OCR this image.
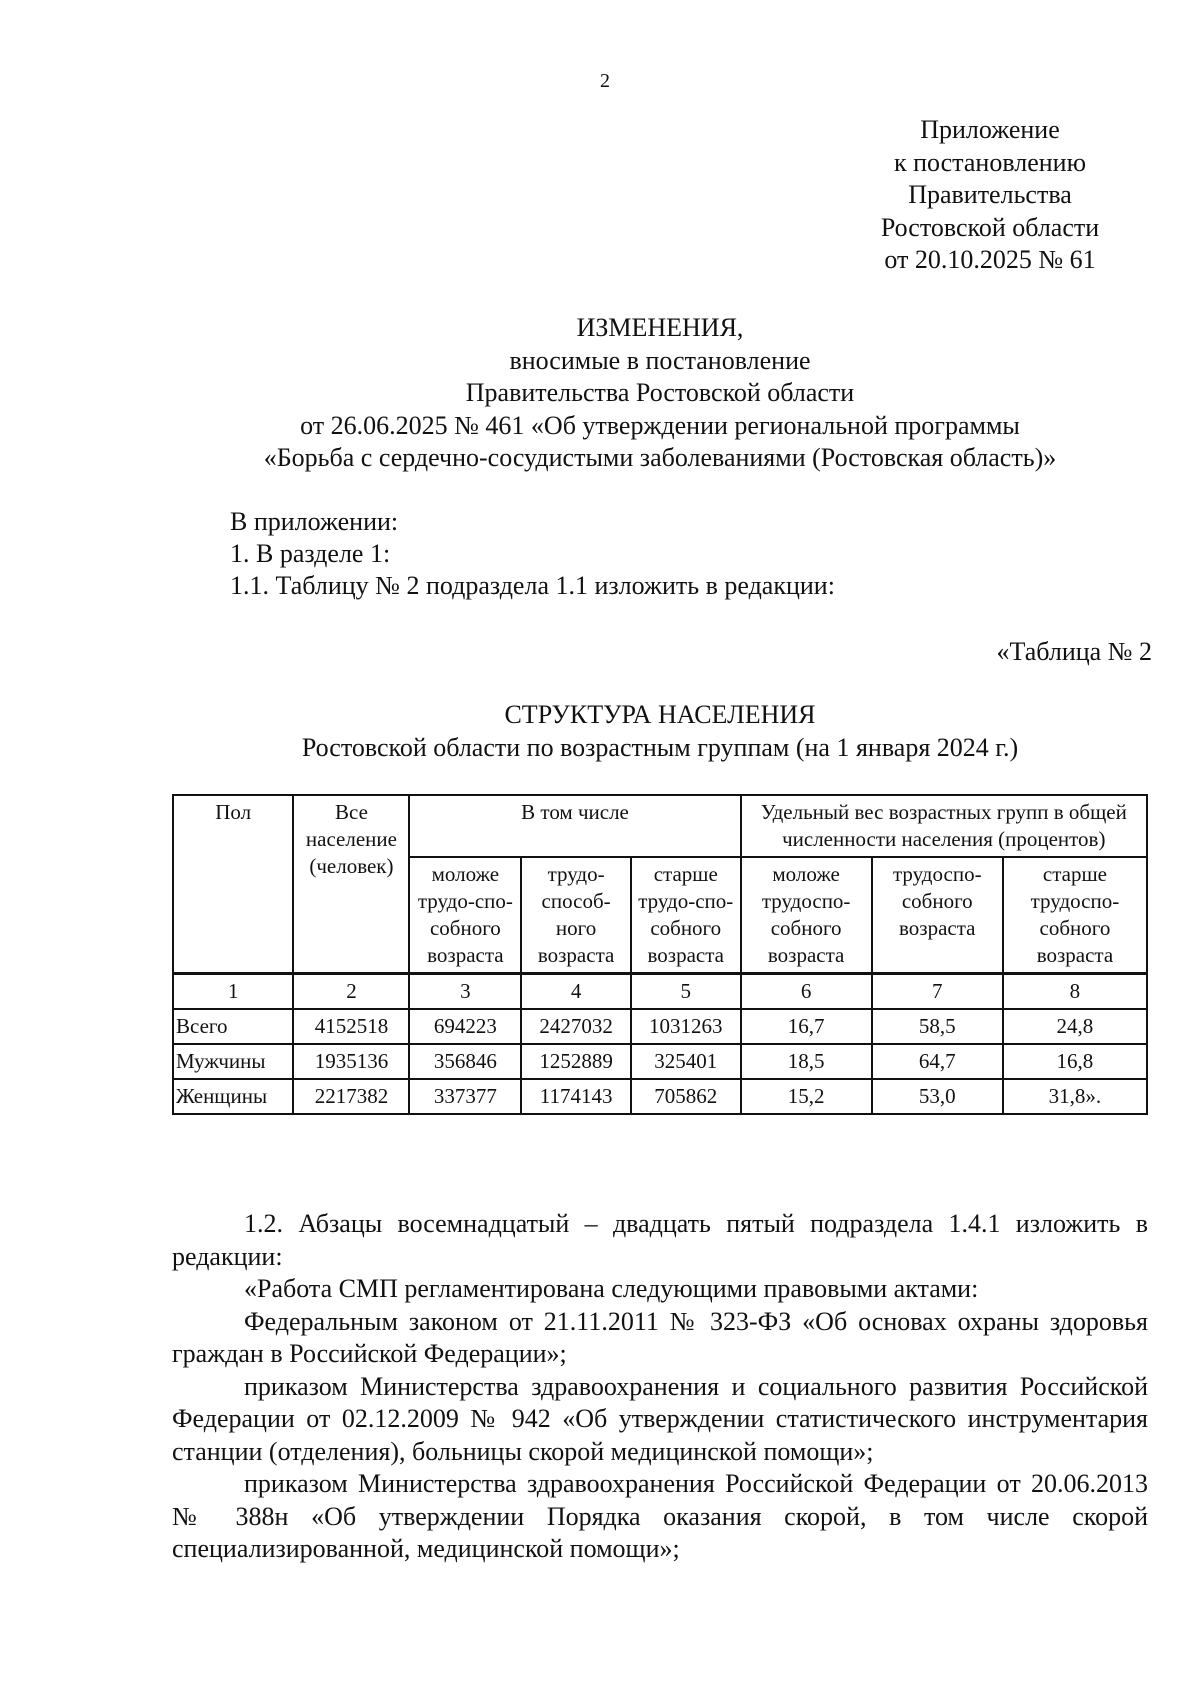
2
Приложение
к постановлению
Правительства
Ростовской области
от 20.10.2025 № 61
ИЗМЕНЕНИЯ,
вносимые в постановление
Правительства Ростовской области
от 26.06.2025 № 461 «Об утверждении региональной программы
«Борьба с сердечно-сосудистыми заболеваниями (Ростовская область)»
В приложении:
1. В разделе 1:
1.1. Таблицу № 2 подраздела 1.1 изложить в редакции:
«Таблица № 2
СТРУКТУРА НАСЕЛЕНИЯ
Ростовской области по возрастным группам (на 1 января 2024 г.)
Пол	Все население (человек)	В том числе			Удельный вес возрастных групп в общей численности населения (процентов)		
		моложе трудо-спо-собного возраста	трудо-способ-ного возраста	старше трудо-спо-собного возраста	моложе трудоспо-собного возраста	трудоспо-собного возраста	старше трудоспо-собного возраста
1	2	3	4	5	6	7	8
Всего	4152518	694223	2427032	1031263	16,7	58,5	24,8
Мужчины	1935136	356846	1252889	325401	18,5	64,7	16,8
Женщины	2217382	337377	1174143	705862	15,2	53,0	31,8».

1.2. Абзацы восемнадцатый – двадцать пятый подраздела 1.4.1 изложить в редакции:

«Работа СМП регламентирована следующими правовыми актами:

Федеральным законом от 21.11.2011 № 323-ФЗ «Об основах охраны здоровья граждан в Российской Федерации»;

приказом Министерства здравоохранения и социального развития Российской Федерации от 02.12.2009 № 942 «Об утверждении статистического инструментария станции (отделения), больницы скорой медицинской помощи»;

приказом Министерства здравоохранения Российской Федерации от 20.06.2013 № 388н «Об утверждении Порядка оказания скорой, в том числе скорой специализированной, медицинской помощи»;
